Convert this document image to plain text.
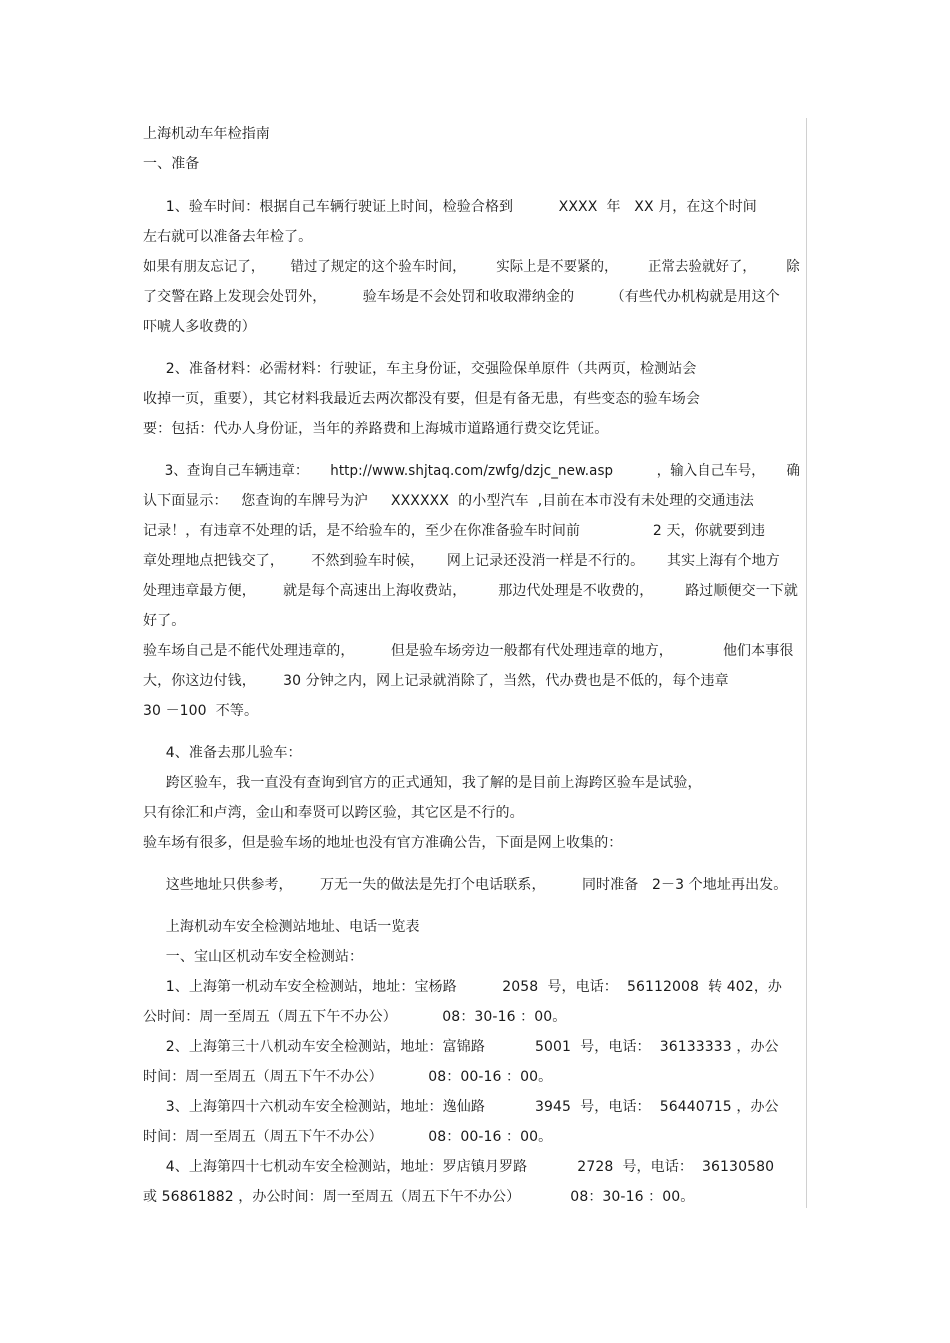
上海机动车年检指南
一、准备
1、验车时间：根据自己车辆行驶证上时间，检验合格到          XXXX  年   XX 月，在这个时间
左右就可以准备去年检了。
如果有朋友忘记了，      错过了规定的这个验车时间，       实际上是不要紧的，       正常去验就好了，       除
了交警在路上发现会处罚外，        验车场是不会处罚和收取滞纳金的        （有些代办机构就是用这个
吓唬人多收费的）
2、准备材料：必需材料：行驶证，车主身份证，交强险保单原件（共两页，检测站会
收掉一页，重要），其它材料我最近去两次都没有要，但是有备无患，有些变态的验车场会
要：包括：代办人身份证，当年的养路费和上海城市道路通行费交讫凭证。
3、查询自己车辆违章：     http://www.shjtaq.com/zwfg/dzjc_new.asp          ，输入自己车号，     确
认下面显示：   您查询的车牌号为沪     XXXXXX  的小型汽车  ,目前在本市没有未处理的交通违法
记录！，有违章不处理的话，是不给验车的，至少在你准备验车时间前                2 天，你就要到违
章处理地点把钱交了，      不然到验车时候，     网上记录还没消一样是不行的。     其实上海有个地方
处理违章最方便，      就是每个高速出上海收费站，       那边代处理是不收费的，       路过顺便交一下就
好了。
验车场自己是不能代处理违章的，        但是验车场旁边一般都有代处理违章的地方，           他们本事很
大，你这边付钱，      30 分钟之内，网上记录就消除了，当然，代办费也是不低的，每个违章
30 －100  不等。
4、准备去那儿验车：
跨区验车，我一直没有查询到官方的正式通知，我了解的是目前上海跨区验车是试验，
只有徐汇和卢湾，金山和奉贤可以跨区验，其它区是不行的。
验车场有很多，但是验车场的地址也没有官方准确公告，下面是网上收集的：
这些地址只供参考，      万无一失的做法是先打个电话联系，        同时准备   2－3 个地址再出发。
上海机动车安全检测站地址、电话一览表
一、宝山区机动车安全检测站：
1、上海第一机动车安全检测站，地址：宝杨路          2058  号，电话：  56112008  转 402，办
公时间：周一至周五（周五下午不办公）          08：30-16 ：00。
2、上海第三十八机动车安全检测站，地址：富锦路           5001  号，电话：  36133333 ，办公
时间：周一至周五（周五下午不办公）          08：00-16 ：00。
3、上海第四十六机动车安全检测站，地址：逸仙路           3945  号，电话：  56440715 ，办公
时间：周一至周五（周五下午不办公）          08：00-16 ：00。
4、上海第四十七机动车安全检测站，地址：罗店镇月罗路           2728  号，电话：  36130580
或 56861882 ，办公时间：周一至周五（周五下午不办公）           08：30-16 ：00。
